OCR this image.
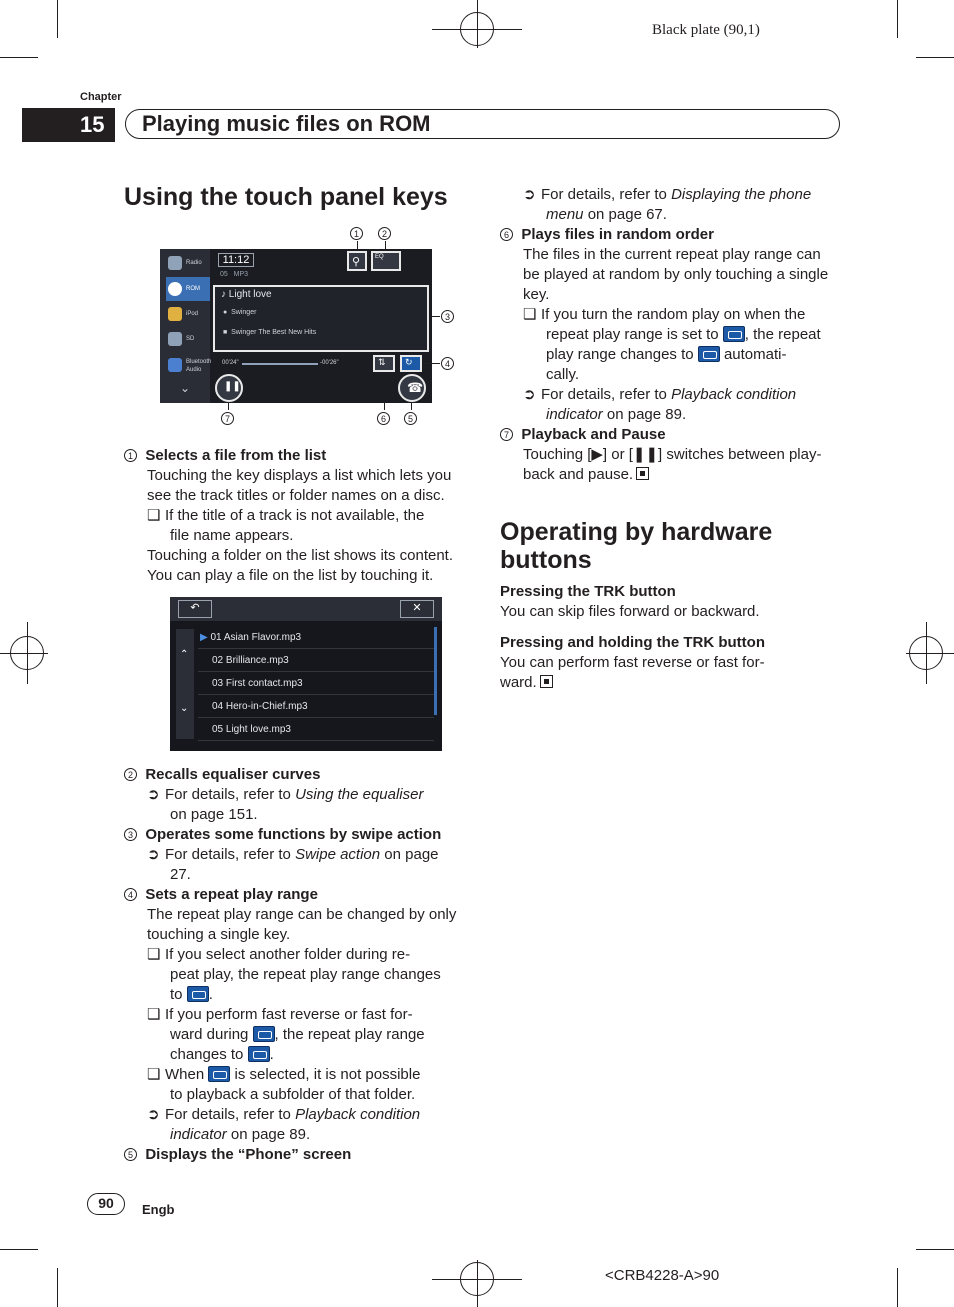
Black plate (90,1)
Chapter
15	Playing music files on ROM
Using the touch panel keys
Radio
ROM
iPod
SD
Bluetooth Audio
⌄
11:12
05 MP3
⚲	EQ
♪ Light love
●  Swinger
■  Swinger The Best New Hits
00'24"	-00'26"	⇅ ↻
❚❚	☎
1	2
3
4
5
6
7
1 Selects a file from the list
Touching the key displays a list which lets you
see the track titles or folder names on a disc.
❑ If the title of a track is not available, the
file name appears.
Touching a folder on the list shows its content.
You can play a file on the list by touching it.
↶	✕
⌃
⌄
▶ 01 Asian Flavor.mp3
02 Brilliance.mp3
03 First contact.mp3
04 Hero-in-Chief.mp3
05 Light love.mp3
2 Recalls equaliser curves
➲ For details, refer to Using the equaliser
on page 151.
3 Operates some functions by swipe action
➲ For details, refer to Swipe action on page
27.
4 Sets a repeat play range
The repeat play range can be changed by only
touching a single key.
❑ If you select another folder during re-
peat play, the repeat play range changes
to .
❑ If you perform fast reverse or fast for-
ward during , the repeat play range
changes to .
❑ When  is selected, it is not possible
to playback a subfolder of that folder.
➲ For details, refer to Playback condition
indicator on page 89.
5 Displays the “Phone” screen
➲ For details, refer to Displaying the phone
menu on page 67.
6 Plays files in random order
The files in the current repeat play range can
be played at random by only touching a single
key.
❑ If you turn the random play on when the
repeat play range is set to , the repeat
play range changes to  automati-
cally.
➲ For details, refer to Playback condition
indicator on page 89.
7 Playback and Pause
Touching [▶] or [❚❚] switches between play-
back and pause.
Operating by hardware
buttons
Pressing the TRK button
You can skip files forward or backward.
Pressing and holding the TRK button
You can perform fast reverse or fast for-
ward.
90	Engb
<CRB4228-A>90
